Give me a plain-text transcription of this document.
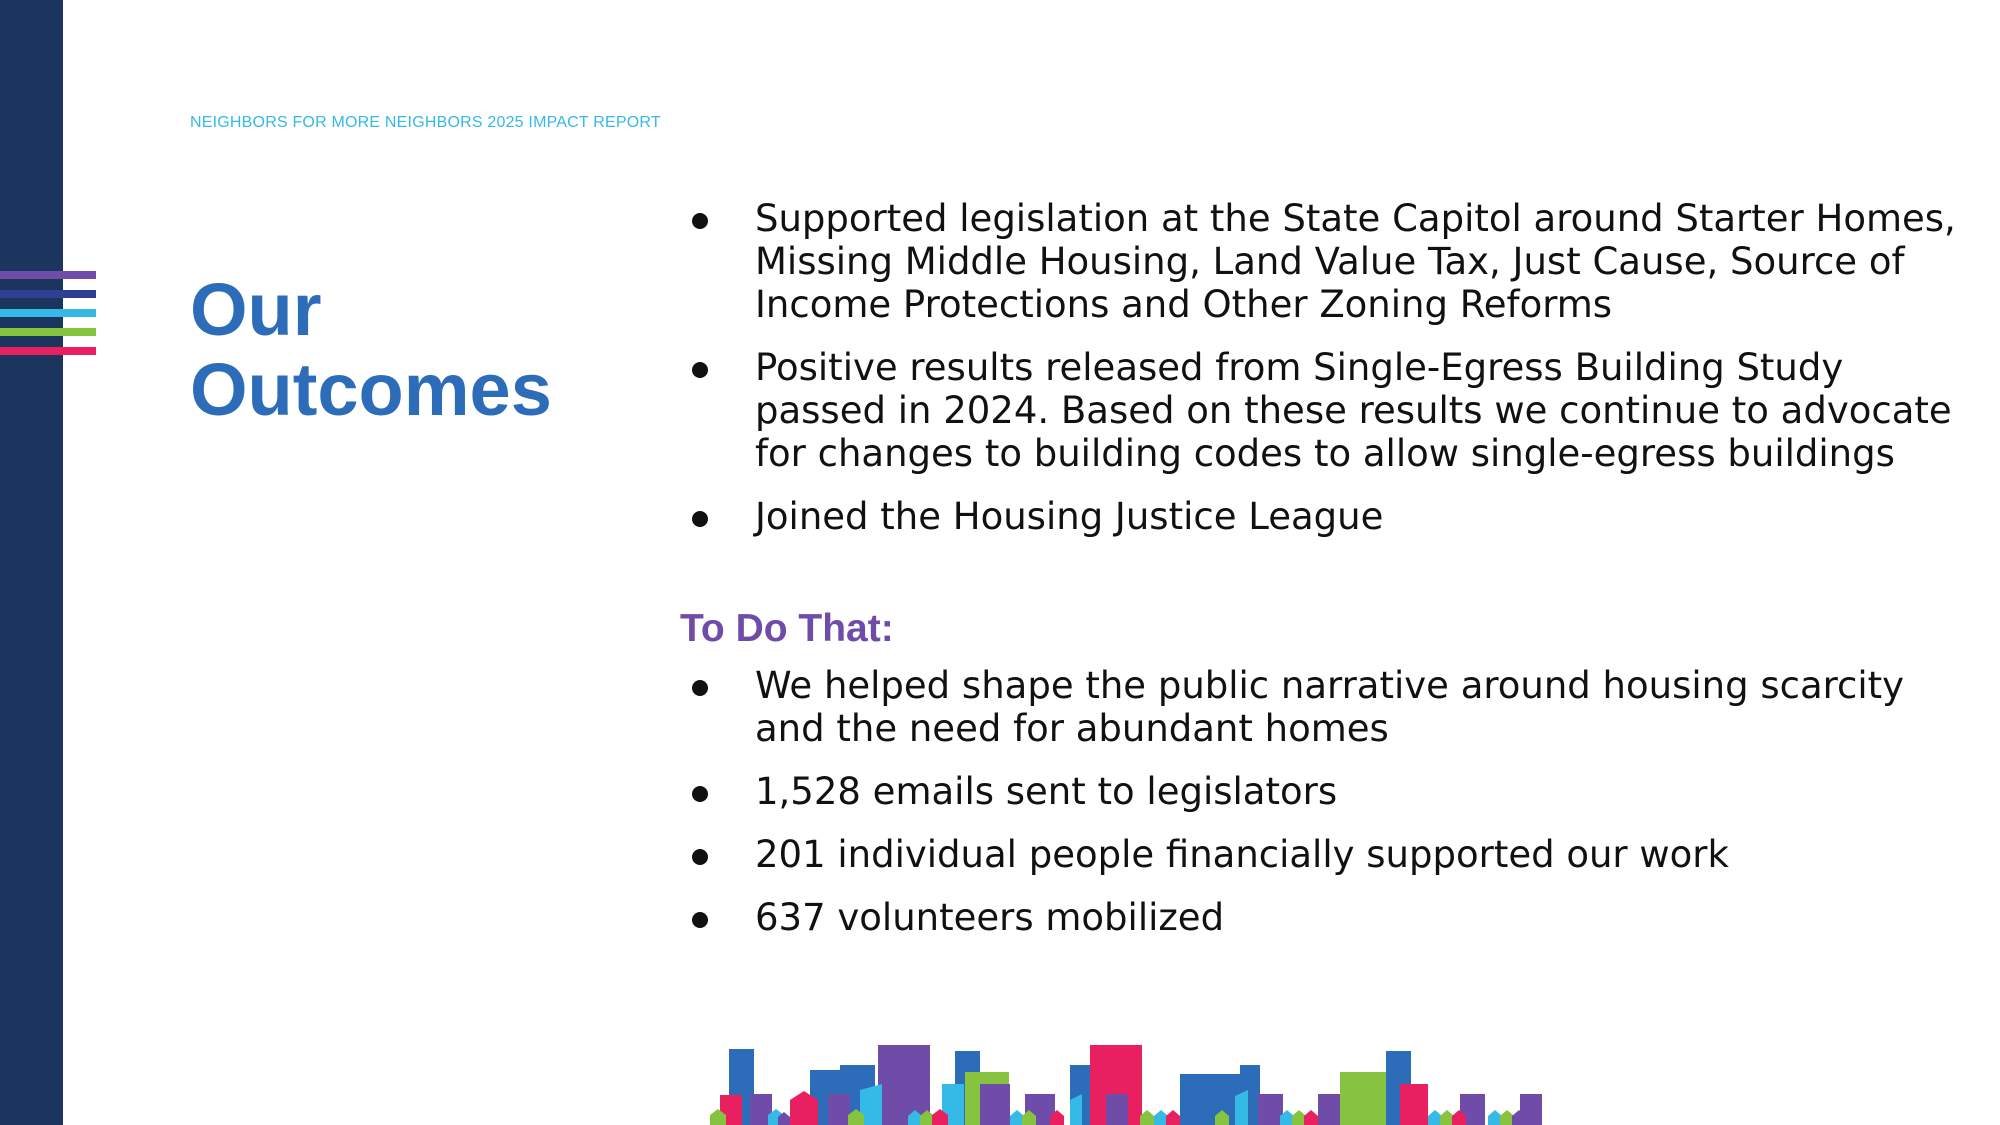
NEIGHBORS FOR MORE NEIGHBORS 2025 IMPACT REPORT
Our
Outcomes
Supported legislation at the State Capitol around Starter Homes, Missing Middle Housing, Land Value Tax, Just Cause, Source of Income Protections and Other Zoning Reforms
Positive results released from Single-Egress Building Study passed in 2024. Based on these results we continue to advocate for changes to building codes to allow single-egress buildings
Joined the Housing Justice League
To Do That:
We helped shape the public narrative around housing scarcity and the need for abundant homes
1,528 emails sent to legislators
201 individual people financially supported our work
637 volunteers mobilized
